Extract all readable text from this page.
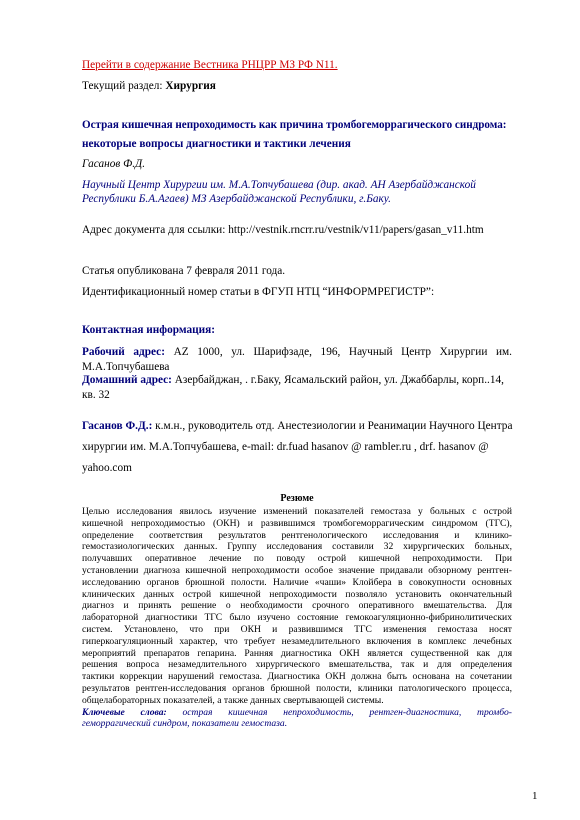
Перейти в содержание Вестника РНЦРР МЗ РФ N11.
Текущий раздел: Хирургия
Острая кишечная непроходимость как причина тромбогеморрагического синдрома:
некоторые вопросы диагностики и тактики лечения
Гасанов Ф.Д.
Научный Центр Хирургии им. М.А.Топчубашева (дир. акад. АН Азербайджанской
Республики Б.А.Агаев) МЗ Азербайджанской Республики, г.Баку.
Адрес документа для ссылки: http://vestnik.rncrr.ru/vestnik/v11/papers/gasan_v11.htm
Статья опубликована 7 февраля 2011 года.
Идентификационный номер статьи в ФГУП НТЦ “ИНФОРМРЕГИСТР”:
Контактная информация:
Рабочий адрес: AZ 1000, ул. Шарифзаде, 196, Научный Центр Хирургии им.
М.А.Топчубашева
Домашний адрес: Азербайджан, . г.Баку, Ясамальский район, ул. Джаббарлы, корп..14,
кв. 32
Гасанов Ф.Д.: к.м.н., руководитель отд. Анестезиологии и Реанимации Научного Центра
хирургии им. М.А.Топчубашева, e-mail: dr.fuad hasanov @ rambler.ru , drf. hasanov @
yahoo.com
Резюме
Целью исследования явилось изучение изменений показателей гемостаза у больных с острой
кишечной непроходимостью (ОКН) и развившимся тромбогеморрагическим синдромом (ТГС),
определение соответствия результатов рентгенологического исследования и клинико-
гемостазиологических данных. Группу исследования составили 32 хирургических больных,
получавших оперативное лечение по поводу острой кишечной непроходимости. При
установлении диагноза кишечной непроходимости особое значение придавали обзорному рентген-
исследованию органов брюшной полости. Наличие «чаши» Клойбера в совокупности основных
клинических данных острой кишечной непроходимости позволяло установить окончательный
диагноз и принять решение о необходимости срочного оперативного вмешательства. Для
лабораторной диагностики ТГС было изучено состояние гемокоагуляционно-фибринолитических
систем. Установлено, что при ОКН и развившимся ТГС изменения гемостаза носят
гиперкоагуляционный характер, что требует незамедлительного включения в комплекс лечебных
мероприятий препаратов гепарина. Ранняя диагностика ОКН является существенной как для
решения вопроса незамедлительного хирургического вмешательства, так и для определения
тактики коррекции нарушений гемостаза. Диагностика ОКН должна быть основана на сочетании
результатов рентген-исследования органов брюшной полости, клиники патологического процесса,
общелабораторных показателей, а также данных свертывающей системы.
Ключевые слова: острая кишечная непроходимость, рентген-диагностика, тромбо-
геморрагический синдром, показатели гемостаза.
1
